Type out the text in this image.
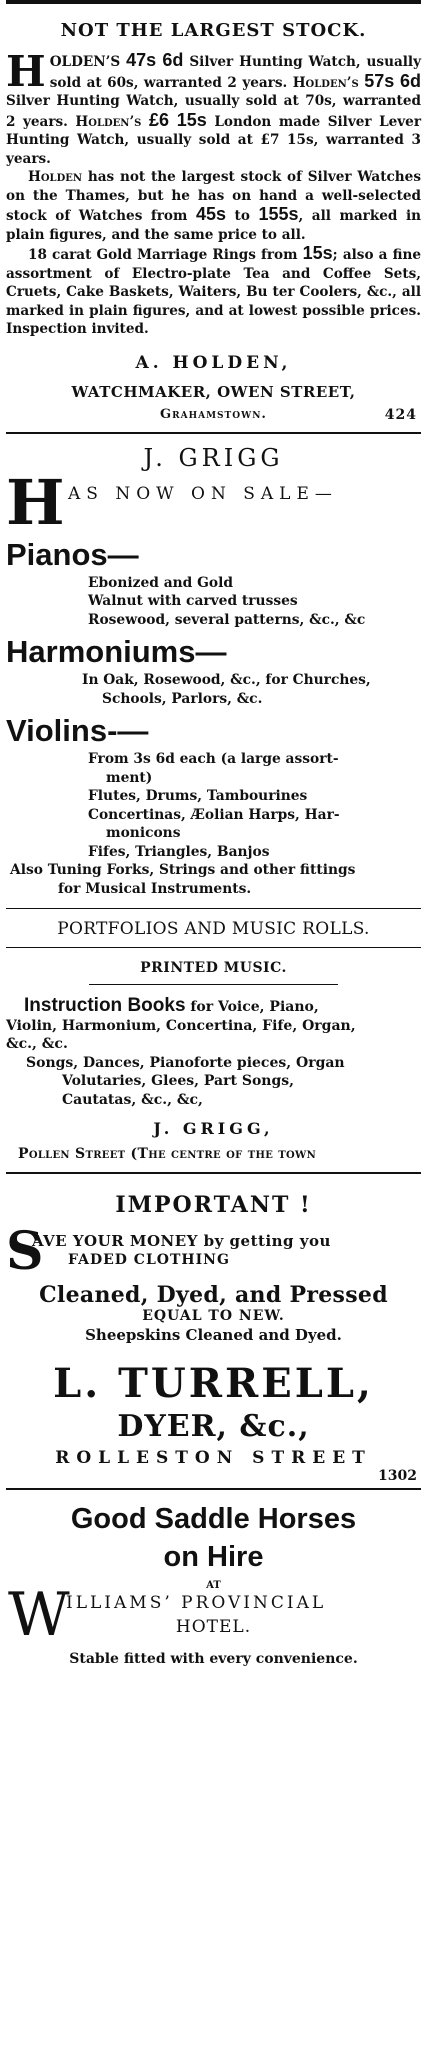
NOT THE LARGEST STOCK.

HOLDEN’S 47s 6d Silver Hunting Watch, usually sold at 60s, warranted 2 years. Holden’s 57s 6d Silver Hunting Watch, usually sold at 70s, warranted 2 years. Holden’s £6 15s London made Silver Lever Hunting Watch, usually sold at £7 15s, warranted 3 years.

Holden has not the largest stock of Silver Watches on the Thames, but he has on hand a well-selected stock of Watches from 45s to 155s, all marked in plain figures, and the same price to all.

18 carat Gold Marriage Rings from 15s; also a fine assortment of Electro-plate Tea and Coffee Sets, Cruets, Cake Baskets, Waiters, Bu ter Coolers, &c., all marked in plain figures, and at lowest possible prices. Inspection invited.

A. HOLDEN,
WATCHMAKER, OWEN STREET,
Grahamstown.	424
J. GRIGG
H AS NOW ON SALE—
Pianos—
Ebonized and Gold
Walnut with carved trusses
Rosewood, several patterns, &c., &c
Harmoniums—
In Oak, Rosewood, &c., for Churches,
Schools, Parlors, &c.
Violins-—
From 3s 6d each (a large assort-
ment)
Flutes, Drums, Tambourines
Concertinas, Æolian Harps, Har-
monicons
Fifes, Triangles, Banjos
Also Tuning Forks, Strings and other fittings
for Musical Instruments.
PORTFOLIOS AND MUSIC ROLLS.
PRINTED MUSIC.
Instruction Books for Voice, Piano,
Violin, Harmonium, Concertina, Fife, Organ,
&c., &c.
Songs, Dances, Pianoforte pieces, Organ
Volutaries, Glees, Part Songs,
Cautatas, &c., &c,
J. GRIGG,
Pollen Street (The centre of the town
IMPORTANT !
S
AVE YOUR MONEY by getting you
FADED CLOTHING
Cleaned, Dyed, and Pressed
EQUAL TO NEW.
Sheepskins Cleaned and Dyed.
L. TURRELL,
DYER, &c.,
ROLLESTON STREET
1302
Good Saddle Horses
on Hire
AT
W
ILLIAMS’ PROVINCIAL
HOTEL.
Stable fitted with every convenience.
